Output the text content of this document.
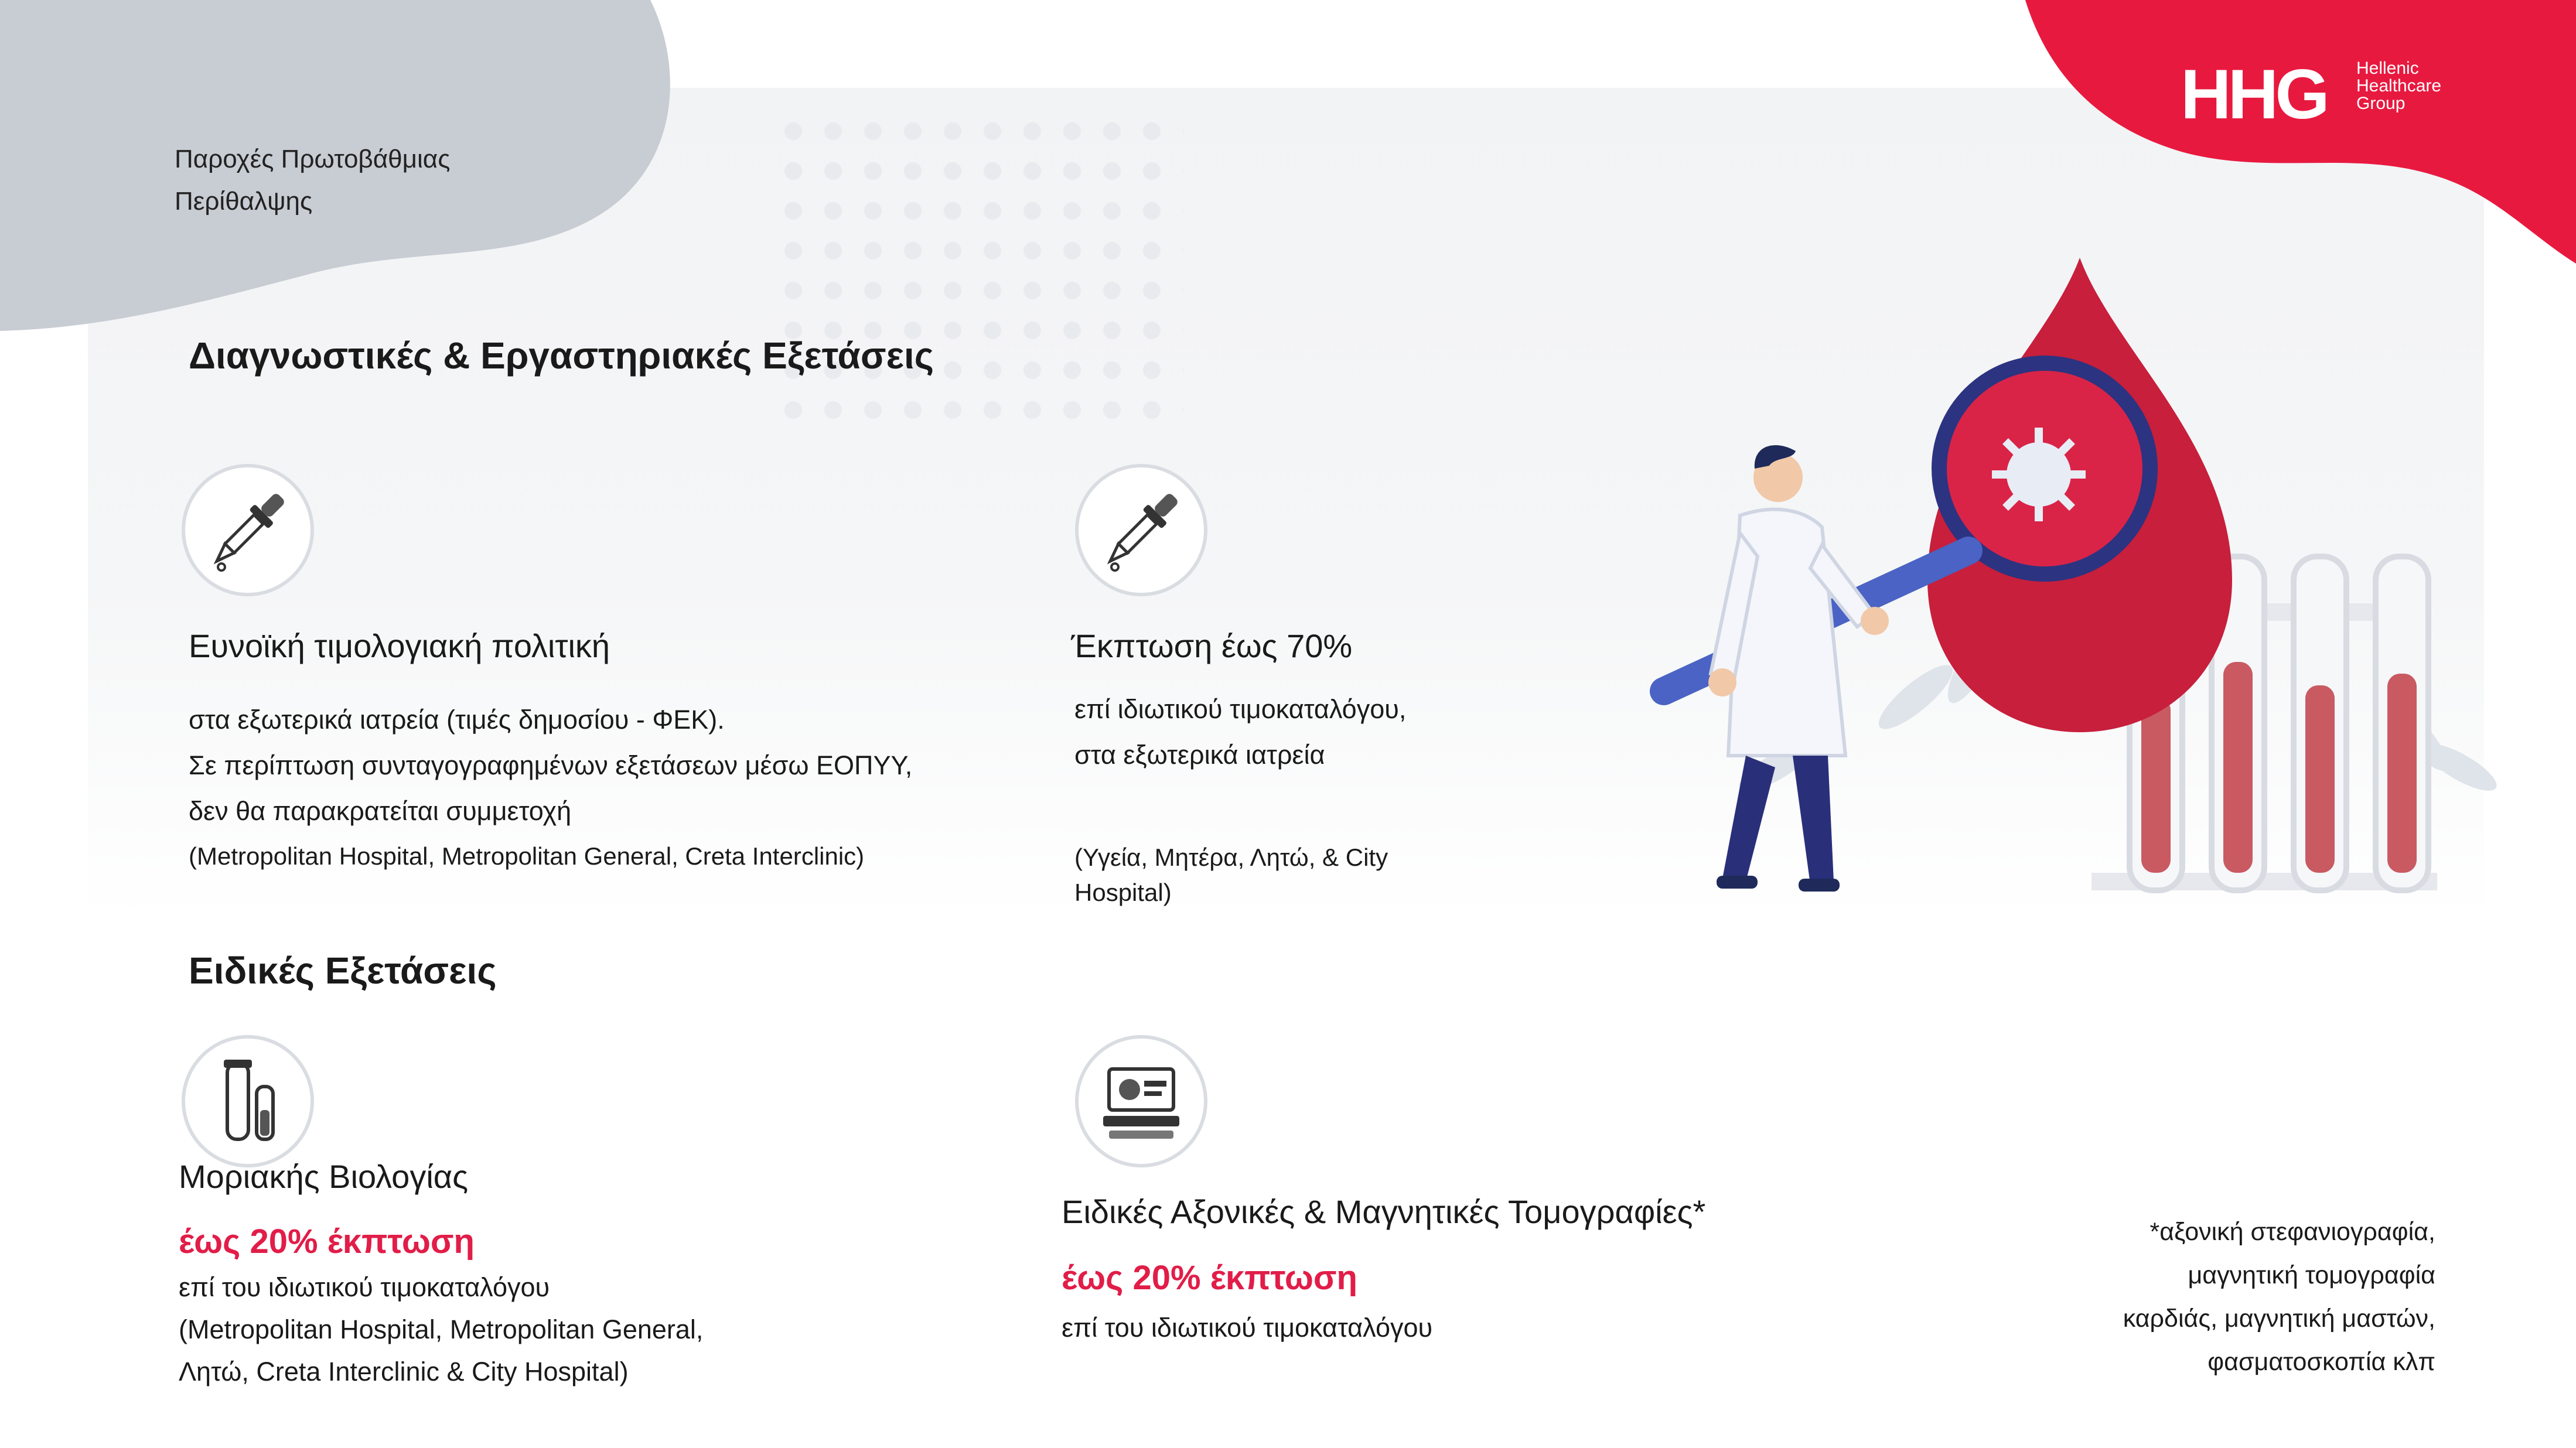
Παροχές Πρωτοβάθμιας
Περίθαλψης
HHG Hellenic
Healthcare
Group
Διαγνωστικές & Εργαστηριακές Εξετάσεις
Ευνοϊκή τιμολογιακή πολιτική
στα εξωτερικά ιατρεία (τιμές δημοσίου - ΦΕΚ).
Σε περίπτωση συνταγογραφημένων εξετάσεων μέσω ΕΟΠΥΥ,
δεν θα παρακρατείται συμμετοχή
(Metropolitan Hospital, Metropolitan General, Creta Interclinic)
Έκπτωση έως 70%
επί ιδιωτικού τιμοκαταλόγου,
στα εξωτερικά ιατρεία
(Υγεία, Μητέρα, Λητώ, & City
Hospital)
Ειδικές Εξετάσεις
Μοριακής Βιολογίας
έως 20% έκπτωση
επί του ιδιωτικού τιμοκαταλόγου
(Metropolitan Hospital, Metropolitan General,
Λητώ, Creta Interclinic & City Hospital)
Ειδικές Αξονικές & Μαγνητικές Τομογραφίες*
έως 20% έκπτωση
επί του ιδιωτικού τιμοκαταλόγου
*αξονική στεφανιογραφία,
μαγνητική τομογραφία
καρδιάς, μαγνητική μαστών,
φασματοσκοπία κλπ
